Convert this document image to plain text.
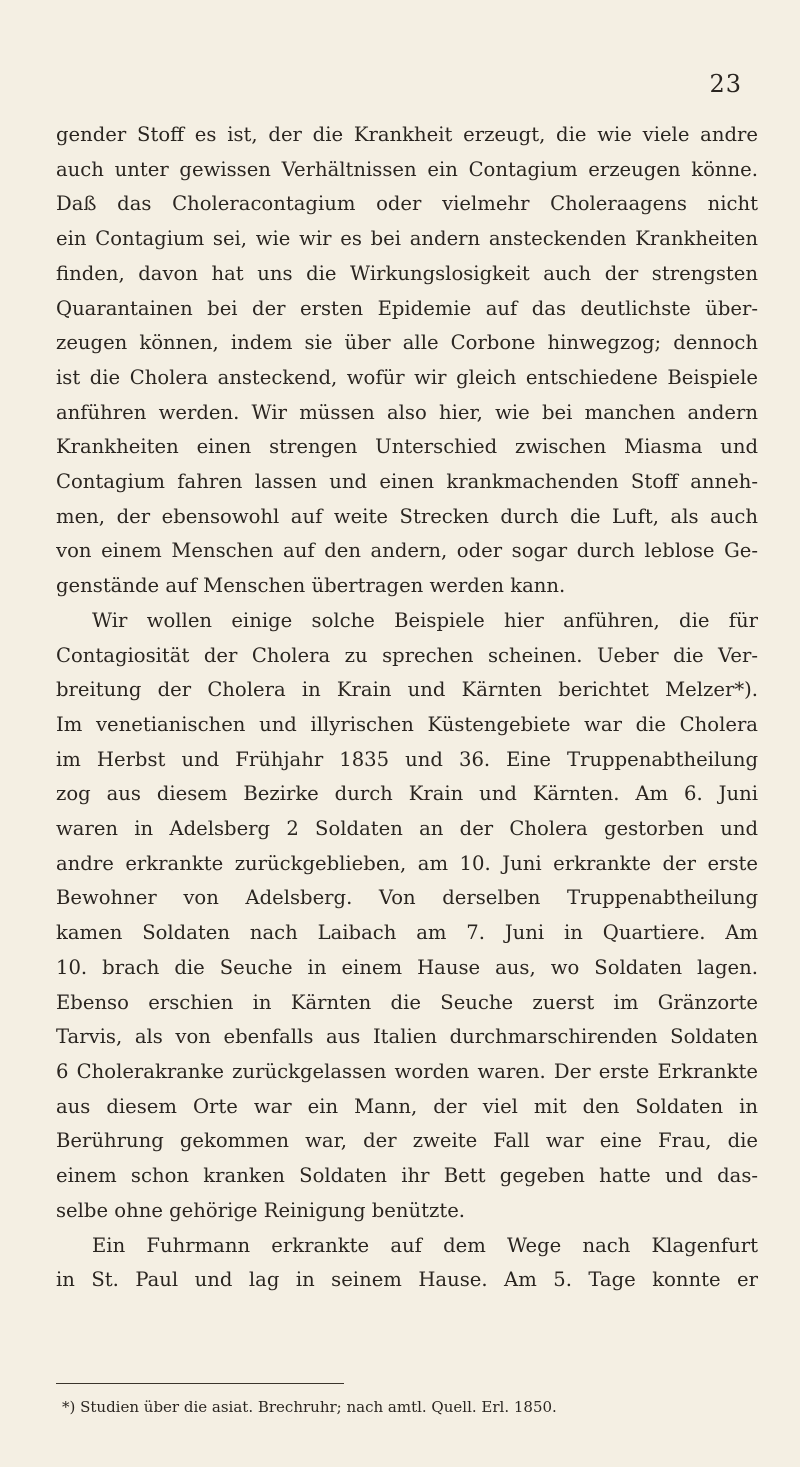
23
gender Stoff es ist, der die Krankheit erzeugt, die wie viele andre
auch unter gewissen Verhältnissen ein Contagium erzeugen könne.
Daß das Choleracontagium oder vielmehr Choleraagens nicht
ein Contagium sei, wie wir es bei andern ansteckenden Krankheiten
finden, davon hat uns die Wirkungslosigkeit auch der strengsten
Quarantainen bei der ersten Epidemie auf das deutlichste über-
zeugen können, indem sie über alle Corbone hinwegzog; dennoch
ist die Cholera ansteckend, wofür wir gleich entschiedene Beispiele
anführen werden. Wir müssen also hier, wie bei manchen andern
Krankheiten einen strengen Unterschied zwischen Miasma und
Contagium fahren lassen und einen krankmachenden Stoff anneh-
men, der ebensowohl auf weite Strecken durch die Luft, als auch
von einem Menschen auf den andern, oder sogar durch leblose Ge-
genstände auf Menschen übertragen werden kann.
Wir wollen einige solche Beispiele hier anführen, die für
Contagiosität der Cholera zu sprechen scheinen. Ueber die Ver-
breitung der Cholera in Krain und Kärnten berichtet Melzer*).
Im venetianischen und illyrischen Küstengebiete war die Cholera
im Herbst und Frühjahr 1835 und 36. Eine Truppenabtheilung
zog aus diesem Bezirke durch Krain und Kärnten. Am 6. Juni
waren in Adelsberg 2 Soldaten an der Cholera gestorben und
andre erkrankte zurückgeblieben, am 10. Juni erkrankte der erste
Bewohner von Adelsberg. Von derselben Truppenabtheilung
kamen Soldaten nach Laibach am 7. Juni in Quartiere. Am
10. brach die Seuche in einem Hause aus, wo Soldaten lagen.
Ebenso erschien in Kärnten die Seuche zuerst im Gränzorte
Tarvis, als von ebenfalls aus Italien durchmarschirenden Soldaten
6 Cholerakranke zurückgelassen worden waren. Der erste Erkrankte
aus diesem Orte war ein Mann, der viel mit den Soldaten in
Berührung gekommen war, der zweite Fall war eine Frau, die
einem schon kranken Soldaten ihr Bett gegeben hatte und das-
selbe ohne gehörige Reinigung benützte.
Ein Fuhrmann erkrankte auf dem Wege nach Klagenfurt
in St. Paul und lag in seinem Hause. Am 5. Tage konnte er
*) Studien über die asiat. Brechruhr; nach amtl. Quell. Erl. 1850.
